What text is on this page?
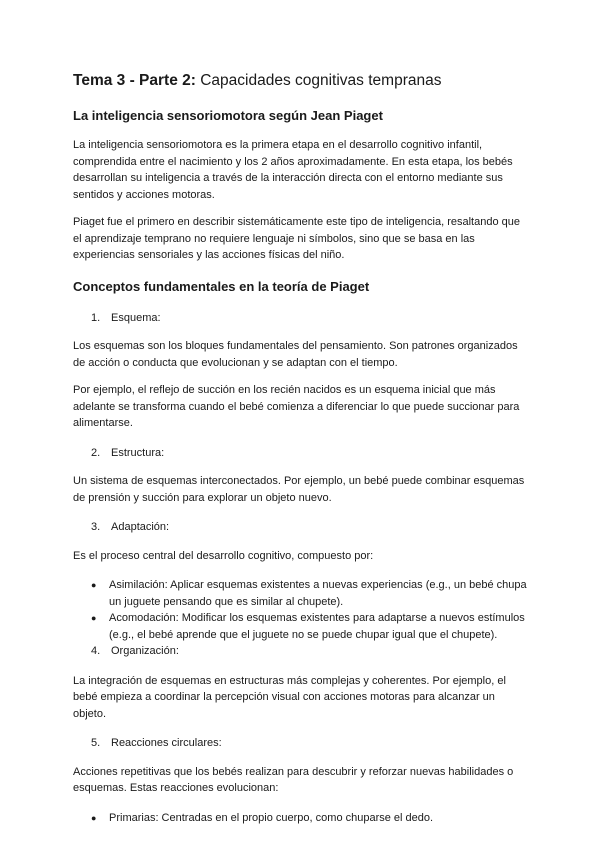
Tema 3 - Parte 2: Capacidades cognitivas tempranas
La inteligencia sensoriomotora según Jean Piaget

La inteligencia sensoriomotora es la primera etapa en el desarrollo cognitivo infantil, comprendida entre el nacimiento y los 2 años aproximadamente. En esta etapa, los bebés desarrollan su inteligencia a través de la interacción directa con el entorno mediante sus sentidos y acciones motoras.

Piaget fue el primero en describir sistemáticamente este tipo de inteligencia, resaltando que el aprendizaje temprano no requiere lenguaje ni símbolos, sino que se basa en las experiencias sensoriales y las acciones físicas del niño.

Conceptos fundamentales en la teoría de Piaget
1. Esquema:

Los esquemas son los bloques fundamentales del pensamiento. Son patrones organizados de acción o conducta que evolucionan y se adaptan con el tiempo.

Por ejemplo, el reflejo de succión en los recién nacidos es un esquema inicial que más adelante se transforma cuando el bebé comienza a diferenciar lo que puede succionar para alimentarse.

2. Estructura:

Un sistema de esquemas interconectados. Por ejemplo, un bebé puede combinar esquemas de prensión y succión para explorar un objeto nuevo.

3. Adaptación:

Es el proceso central del desarrollo cognitivo, compuesto por:

●	Asimilación: Aplicar esquemas existentes a nuevas experiencias (e.g., un bebé chupa un juguete pensando que es similar al chupete).
●	Acomodación: Modificar los esquemas existentes para adaptarse a nuevos estímulos (e.g., el bebé aprende que el juguete no se puede chupar igual que el chupete).
4. Organización:

La integración de esquemas en estructuras más complejas y coherentes. Por ejemplo, el bebé empieza a coordinar la percepción visual con acciones motoras para alcanzar un objeto.

5. Reacciones circulares:

Acciones repetitivas que los bebés realizan para descubrir y reforzar nuevas habilidades o esquemas. Estas reacciones evolucionan:

●	Primarias: Centradas en el propio cuerpo, como chuparse el dedo.
